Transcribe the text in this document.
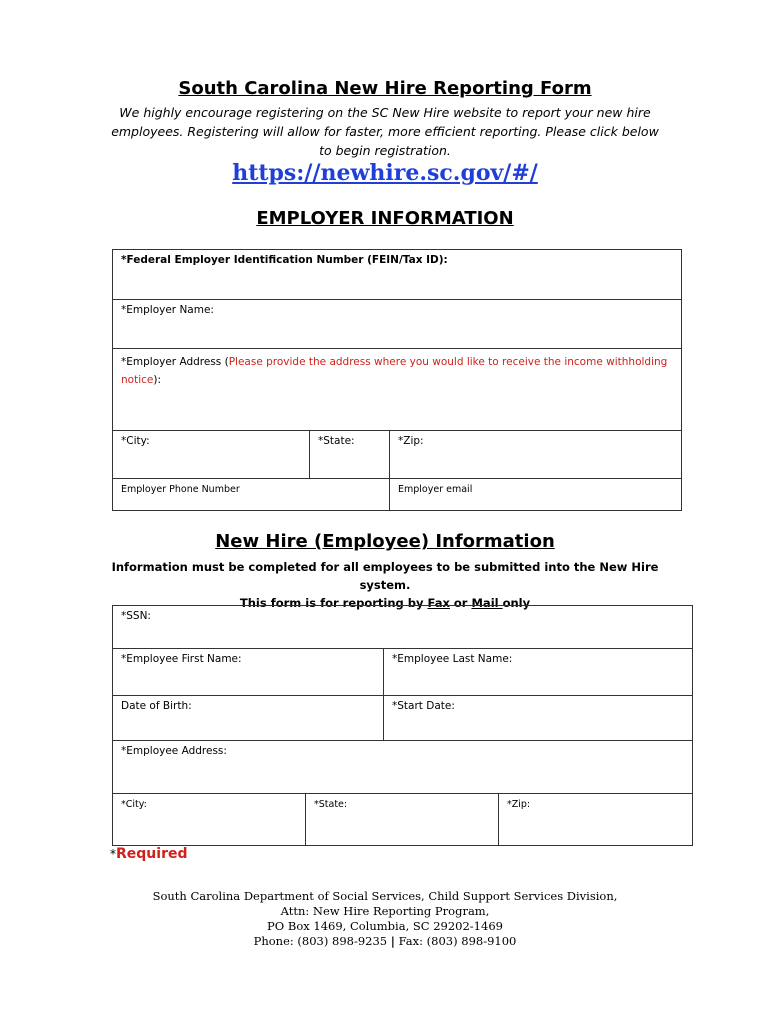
South Carolina New Hire Reporting Form
We highly encourage registering on the SC New Hire website to report your new hire
employees. Registering will allow for faster, more efficient reporting. Please click below
to begin registration.
https://newhire.sc.gov/#/
EMPLOYER INFORMATION
*Federal Employer Identification Number (FEIN/Tax ID):		
*Employer Name:		
*Employer Address (Please provide the address where you would like to receive the income withholding notice):		
*City:	*State:	*Zip:
Employer Phone Number		Employer email
New Hire (Employee) Information
Information must be completed for all employees to be submitted into the New Hire system.
This form is for reporting by Fax or Mail only
*SSN:			
*Employee First Name:		*Employee Last Name:	
Date of Birth:		*Start Date:	
*Employee Address:			
*City:	*State:		*Zip:
*Required
South Carolina Department of Social Services, Child Support Services Division,
Attn: New Hire Reporting Program,
PO Box 1469, Columbia, SC 29202-1469
Phone: (803) 898-9235 | Fax: (803) 898-9100
